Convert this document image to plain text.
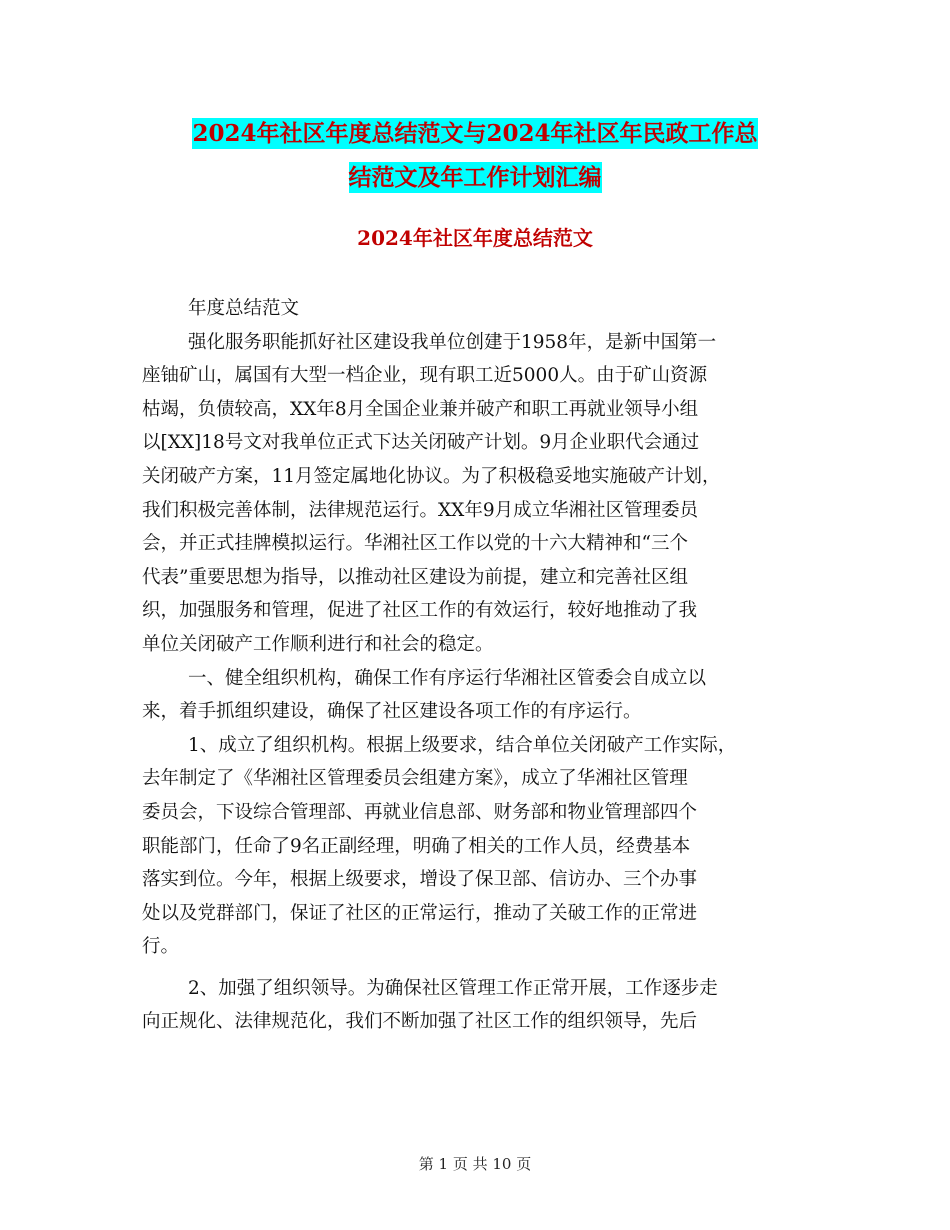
2024年社区年度总结范文与2024年社区年民政工作总
结范文及年工作计划汇编
2024年社区年度总结范文
年度总结范文
强化服务职能抓好社区建设我单位创建于1958年，是新中国第一
座铀矿山，属国有大型一档企业，现有职工近5000人。由于矿山资源
枯竭，负债较高，XX年8月全国企业兼并破产和职工再就业领导小组
以[XX]18号文对我单位正式下达关闭破产计划。9月企业职代会通过
关闭破产方案，11月签定属地化协议。为了积极稳妥地实施破产计划，
我们积极完善体制，法律规范运行。XX年9月成立华湘社区管理委员
会，并正式挂牌模拟运行。华湘社区工作以党的十六大精神和“三个
代表”重要思想为指导，以推动社区建设为前提，建立和完善社区组
织，加强服务和管理，促进了社区工作的有效运行，较好地推动了我
单位关闭破产工作顺利进行和社会的稳定。
一、健全组织机构，确保工作有序运行华湘社区管委会自成立以
来，着手抓组织建设，确保了社区建设各项工作的有序运行。
1、成立了组织机构。根据上级要求，结合单位关闭破产工作实际，
去年制定了《华湘社区管理委员会组建方案》，成立了华湘社区管理
委员会，下设综合管理部、再就业信息部、财务部和物业管理部四个
职能部门，任命了9名正副经理，明确了相关的工作人员，经费基本
落实到位。今年，根据上级要求，增设了保卫部、信访办、三个办事
处以及党群部门，保证了社区的正常运行，推动了关破工作的正常进
行。
2、加强了组织领导。为确保社区管理工作正常开展，工作逐步走
向正规化、法律规范化，我们不断加强了社区工作的组织领导，先后
第 1 页 共 10 页
